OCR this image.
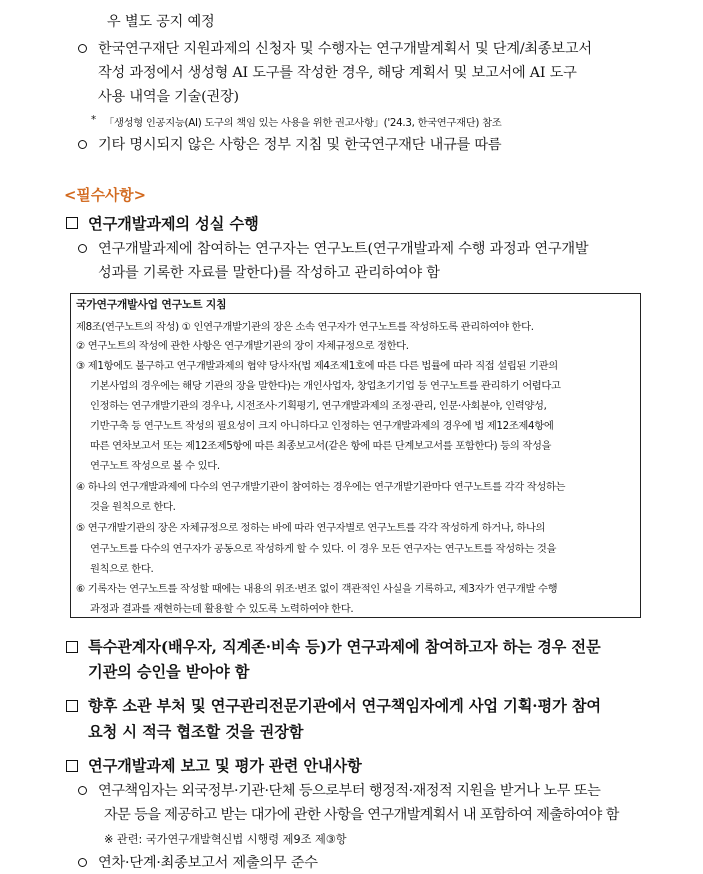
우 별도 공지 예정
한국연구재단 지원과제의 신청자 및 수행자는 연구개발계획서 및 단계/최종보고서
작성 과정에서 생성형 AI 도구를 작성한 경우, 해당 계획서 및 보고서에 AI 도구
사용 내역을 기술(권장)
* 「생성형 인공지능(AI) 도구의 책임 있는 사용을 위한 권고사항」('24.3, 한국연구재단) 참조
기타 명시되지 않은 사항은 정부 지침 및 한국연구재단 내규를 따름
<필수사항>
연구개발과제의 성실 수행
연구개발과제에 참여하는 연구자는 연구노트(연구개발과제 수행 과정과 연구개발
성과를 기록한 자료를 말한다)를 작성하고 관리하여야 함
국가연구개발사업 연구노트 지침
제8조(연구노트의 작성) ① 인연구개발기관의 장은 소속 연구자가 연구노트를 작성하도록 관리하여야 한다.
② 연구노트의 작성에 관한 사항은 연구개발기관의 장이 자체규정으로 정한다.
③ 제1항에도 불구하고 연구개발과제의 협약 당사자(법 제4조제1호에 따른 다른 법률에 따라 직접 설립된 기관의
기본사업의 경우에는 해당 기관의 장을 말한다)는 개인사업자, 창업초기기업 등 연구노트를 관리하기 어렵다고
인정하는 연구개발기관의 경우나, 시전조사·기획평기, 연구개발과제의 조정·관리, 인문·사회분야, 인력양성,
기반구축 등 연구노트 작성의 필요성이 크지 아니하다고 인정하는 연구개발과제의 경우에 법 제12조제4항에
따른 연차보고서 또는 제12조제5항에 따른 최종보고서(같은 항에 따른 단계보고서를 포함한다) 등의 작성을
연구노트 작성으로 볼 수 있다.
④ 하나의 연구개발과제에 다수의 연구개발기관이 참여하는 경우에는 연구개발기관마다 연구노트를 각각 작성하는
것을 원칙으로 한다.
⑤ 연구개발기관의 장은 자체규정으로 정하는 바에 따라 연구자별로 연구노트를 각각 작성하게 하거나, 하나의
연구노트를 다수의 연구자가 공동으로 작성하게 할 수 있다. 이 경우 모든 연구자는 연구노트를 작성하는 것을
원칙으로 한다.
⑥ 기록자는 연구노트를 작성할 때에는 내용의 위조·변조 없이 객관적인 사실을 기록하고, 제3자가 연구개발 수행
과정과 결과를 재현하는데 활용할 수 있도록 노력하여야 한다.
특수관계자(배우자, 직계존·비속 등)가 연구과제에 참여하고자 하는 경우 전문
기관의 승인을 받아야 함
향후 소관 부처 및 연구관리전문기관에서 연구책임자에게 사업 기획·평가 참여
요청 시 적극 협조할 것을 권장함
연구개발과제 보고 및 평가 관련 안내사항
연구책임자는 외국정부·기관·단체 등으로부터 행정적·재정적 지원을 받거나 노무 또는
자문 등을 제공하고 받는 대가에 관한 사항을 연구개발계획서 내 포함하여 제출하여야 함
※ 관련: 국가연구개발혁신법 시행령 제9조 제③항
연차·단계·최종보고서 제출의무 준수
